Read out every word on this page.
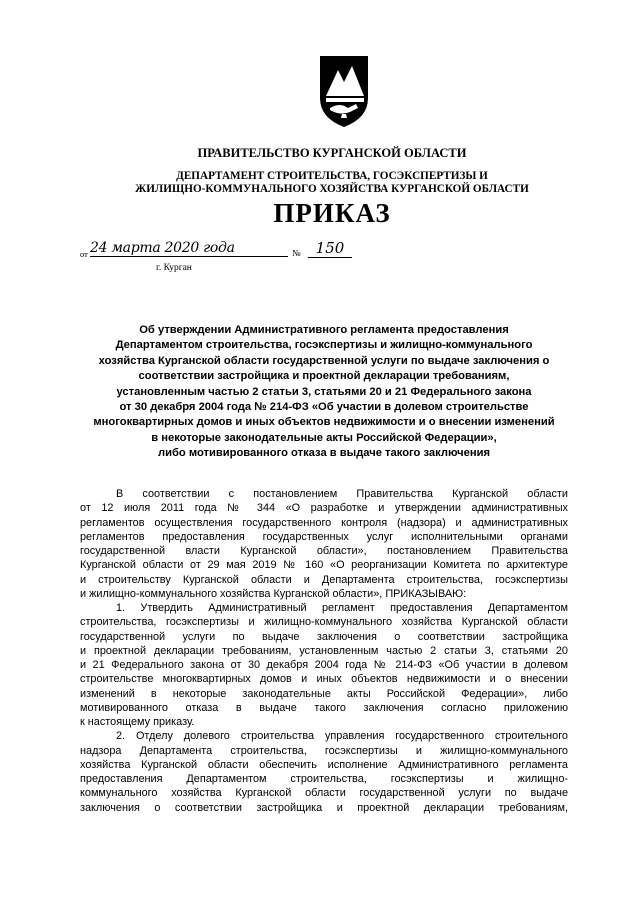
ПРАВИТЕЛЬСТВО КУРГАНСКОЙ ОБЛАСТИ
ДЕПАРТАМЕНТ СТРОИТЕЛЬСТВА, ГОСЭКСПЕРТИЗЫ И
ЖИЛИЩНО-КОММУНАЛЬНОГО ХОЗЯЙСТВА КУРГАНСКОЙ ОБЛАСТИ
ПРИКАЗ
от 24 марта 2020 года	№	150
г. Курган
Об утверждении Административного регламента предоставления
Департаментом строительства, госэкспертизы и жилищно-коммунального
хозяйства Курганской области государственной услуги по выдаче заключения о
соответствии застройщика и проектной декларации требованиям,
установленным частью 2 статьи 3, статьями 20 и 21 Федерального закона
от 30 декабря 2004 года № 214-ФЗ «Об участии в долевом строительстве
многоквартирных домов и иных объектов недвижимости и о внесении изменений
в некоторые законодательные акты Российской Федерации»,
либо мотивированного отказа в выдаче такого заключения
В соответствии с постановлением Правительства Курганской области
от 12 июля 2011 года № 344 «О разработке и утверждении административных
регламентов осуществления государственного контроля (надзора) и административных
регламентов предоставления государственных услуг исполнительными органами
государственной власти Курганской области», постановлением Правительства
Курганской области от 29 мая 2019 № 160 «О реорганизации Комитета по архитектуре
и строительству Курганской области и Департамента строительства, госэкспертизы
и жилищно-коммунального хозяйства Курганской области», ПРИКАЗЫВАЮ:
1. Утвердить Административный регламент предоставления Департаментом
строительства, госэкспертизы и жилищно-коммунального хозяйства Курганской области
государственной услуги по выдаче заключения о соответствии застройщика
и проектной декларации требованиям, установленным частью 2 статьи 3, статьями 20
и 21 Федерального закона от 30 декабря 2004 года № 214-ФЗ «Об участии в долевом
строительстве многоквартирных домов и иных объектов недвижимости и о внесении
изменений в некоторые законодательные акты Российской Федерации», либо
мотивированного отказа в выдаче такого заключения согласно приложению
к настоящему приказу.
2. Отделу долевого строительства управления государственного строительного
надзора Департамента строительства, госэкспертизы и жилищно-коммунального
хозяйства Курганской области обеспечить исполнение Административного регламента
предоставления Департаментом строительства, госэкспертизы и жилищно-
коммунального хозяйства Курганской области государственной услуги по выдаче
заключения о соответствии застройщика и проектной декларации требованиям,
